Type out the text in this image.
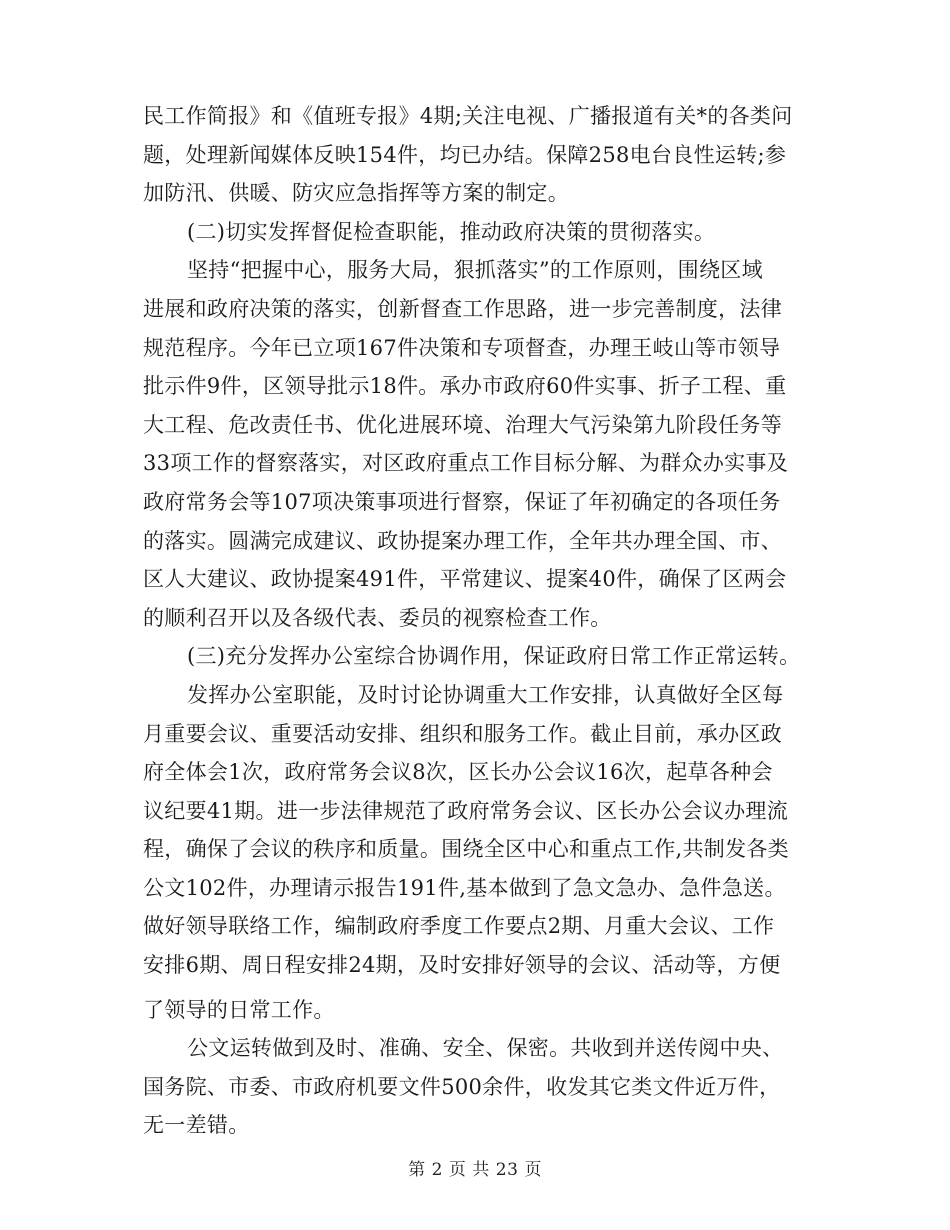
民工作简报》和《值班专报》4期;关注电视、广播报道有关*的各类问

题，处理新闻媒体反映154件，均已办结。保障258电台良性运转;参

加防汛、供暖、防灾应急指挥等方案的制定。

(二)切实发挥督促检查职能，推动政府决策的贯彻落实。

坚持“把握中心，服务大局，狠抓落实”的工作原则，围绕区域

进展和政府决策的落实，创新督查工作思路，进一步完善制度，法律

规范程序。今年已立项167件决策和专项督查，办理王岐山等市领导

批示件9件，区领导批示18件。承办市政府60件实事、折子工程、重

大工程、危改责任书、优化进展环境、治理大气污染第九阶段任务等

33项工作的督察落实，对区政府重点工作目标分解、为群众办实事及

政府常务会等107项决策事项进行督察，保证了年初确定的各项任务

的落实。圆满完成建议、政协提案办理工作，全年共办理全国、市、

区人大建议、政协提案491件，平常建议、提案40件，确保了区两会

的顺利召开以及各级代表、委员的视察检查工作。

(三)充分发挥办公室综合协调作用，保证政府日常工作正常运转。

发挥办公室职能，及时讨论协调重大工作安排，认真做好全区每

月重要会议、重要活动安排、组织和服务工作。截止目前，承办区政

府全体会1次，政府常务会议8次，区长办公会议16次，起草各种会

议纪要41期。进一步法律规范了政府常务会议、区长办公会议办理流

程，确保了会议的秩序和质量。围绕全区中心和重点工作,共制发各类

公文102件，办理请示报告191件,基本做到了急文急办、急件急送。

做好领导联络工作，编制政府季度工作要点2期、月重大会议、工作

安排6期、周日程安排24期，及时安排好领导的会议、活动等，方便

了领导的日常工作。

公文运转做到及时、准确、安全、保密。共收到并送传阅中央、

国务院、市委、市政府机要文件500余件，收发其它类文件近万件，

无一差错。

第 2 页 共 23 页
